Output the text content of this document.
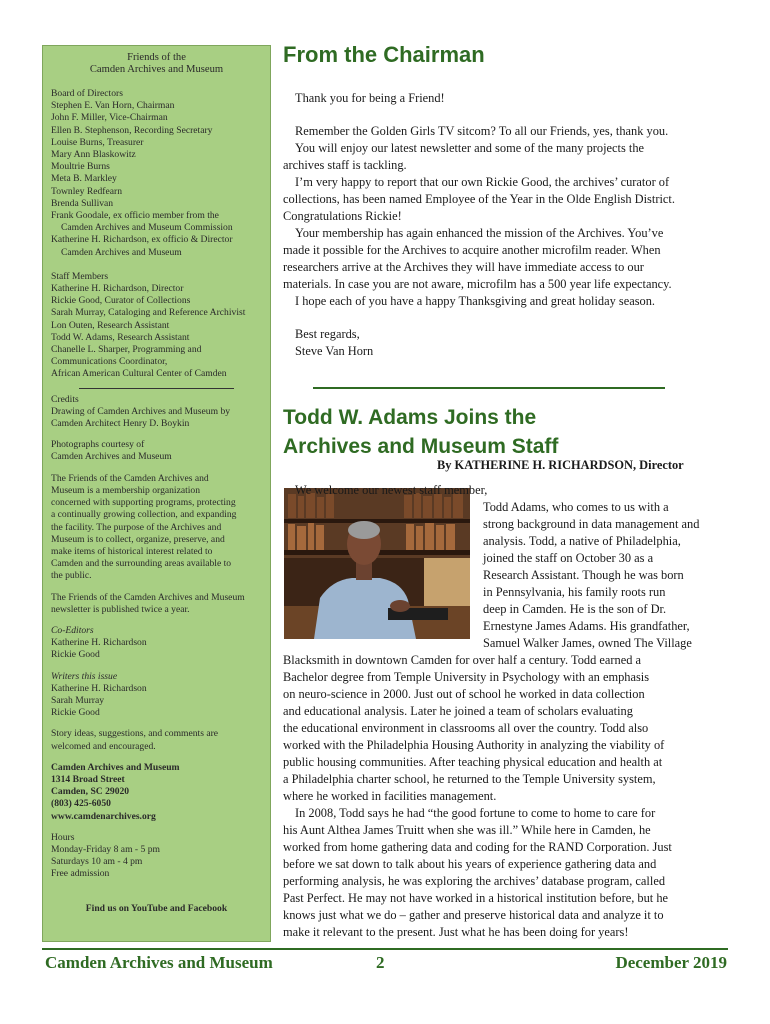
Friends of the
Camden Archives and Museum
Board of Directors
Stephen E. Van Horn, Chairman
John F. Miller, Vice-Chairman
Ellen B. Stephenson, Recording Secretary
Louise Burns, Treasurer
Mary Ann Blaskowitz
Moultrie Burns
Meta B. Markley
Townley Redfearn
Brenda Sullivan
Frank Goodale, ex officio member from the
Camden Archives and Museum Commission
Katherine H. Richardson, ex officio & Director
Camden Archives and Museum
Staff Members
Katherine H. Richardson, Director
Rickie Good, Curator of Collections
Sarah Murray, Cataloging and Reference Archivist
Lon Outen, Research Assistant
Todd W. Adams, Research Assistant
Chanelle L. Sharper, Programming and
Communications Coordinator,
African American Cultural Center of Camden
Credits
Drawing of Camden Archives and Museum by
Camden Architect Henry D. Boykin
Photographs courtesy of
Camden Archives and Museum
The Friends of the Camden Archives and
Museum is a membership organization
concerned with supporting programs, protecting
a continually growing collection, and expanding
the facility. The purpose of the Archives and
Museum is to collect, organize, preserve, and
make items of historical interest related to
Camden and the surrounding areas available to
the public.
The Friends of the Camden Archives and Museum
newsletter is published twice a year.
Co-Editors
Katherine H. Richardson
Rickie Good
Writers this issue
Katherine H. Richardson
Sarah Murray
Rickie Good
Story ideas, suggestions, and comments are
welcomed and encouraged.
Camden Archives and Museum
1314 Broad Street
Camden, SC 29020
(803) 425-6050
www.camdenarchives.org
Hours
Monday-Friday 8 am - 5 pm
Saturdays 10 am - 4 pm
Free admission
Find us on YouTube and Facebook
From the Chairman

Thank you for being a Friend!

Remember the Golden Girls TV sitcom? To all our Friends, yes, thank you.

You will enjoy our latest newsletter and some of the many projects the

archives staff is tackling.

I’m very happy to report that our own Rickie Good, the archives’ curator of

collections, has been named Employee of the Year in the Olde English District.

Congratulations Rickie!

Your membership has again enhanced the mission of the Archives. You’ve

made it possible for the Archives to acquire another microfilm reader. When

researchers arrive at the Archives they will have immediate access to our

materials. In case you are not aware, microfilm has a 500 year life expectancy.

I hope each of you have a happy Thanksgiving and great holiday season.

Best regards,

Steve Van Horn

Todd W. Adams Joins the
Archives and Museum Staff
By KATHERINE H. RICHARDSON, Director
We welcome our newest staff member,
Todd Adams, who comes to us with a
strong background in data management and
analysis. Todd, a native of Philadelphia,
joined the staff on October 30 as a
Research Assistant. Though he was born
in Pennsylvania, his family roots run
deep in Camden. He is the son of Dr.
Ernestyne James Adams. His grandfather,
Samuel Walker James, owned The Village
Blacksmith in downtown Camden for over half a century. Todd earned a
Bachelor degree from Temple University in Psychology with an emphasis
on neuro-science in 2000. Just out of school he worked in data collection
and educational analysis. Later he joined a team of scholars evaluating
the educational environment in classrooms all over the country. Todd also
worked with the Philadelphia Housing Authority in analyzing the viability of
public housing communities. After teaching physical education and health at
a Philadelphia charter school, he returned to the Temple University system,
where he worked in facilities management.
In 2008, Todd says he had “the good fortune to come to home to care for
his Aunt Althea James Truitt when she was ill.” While here in Camden, he
worked from home gathering data and coding for the RAND Corporation. Just
before we sat down to talk about his years of experience gathering data and
performing analysis, he was exploring the archives’ database program, called
Past Perfect. He may not have worked in a historical institution before, but he
knows just what we do – gather and preserve historical data and analyze it to
make it relevant to the present. Just what he has been doing for years!
Camden Archives and Museum	2	December 2019
